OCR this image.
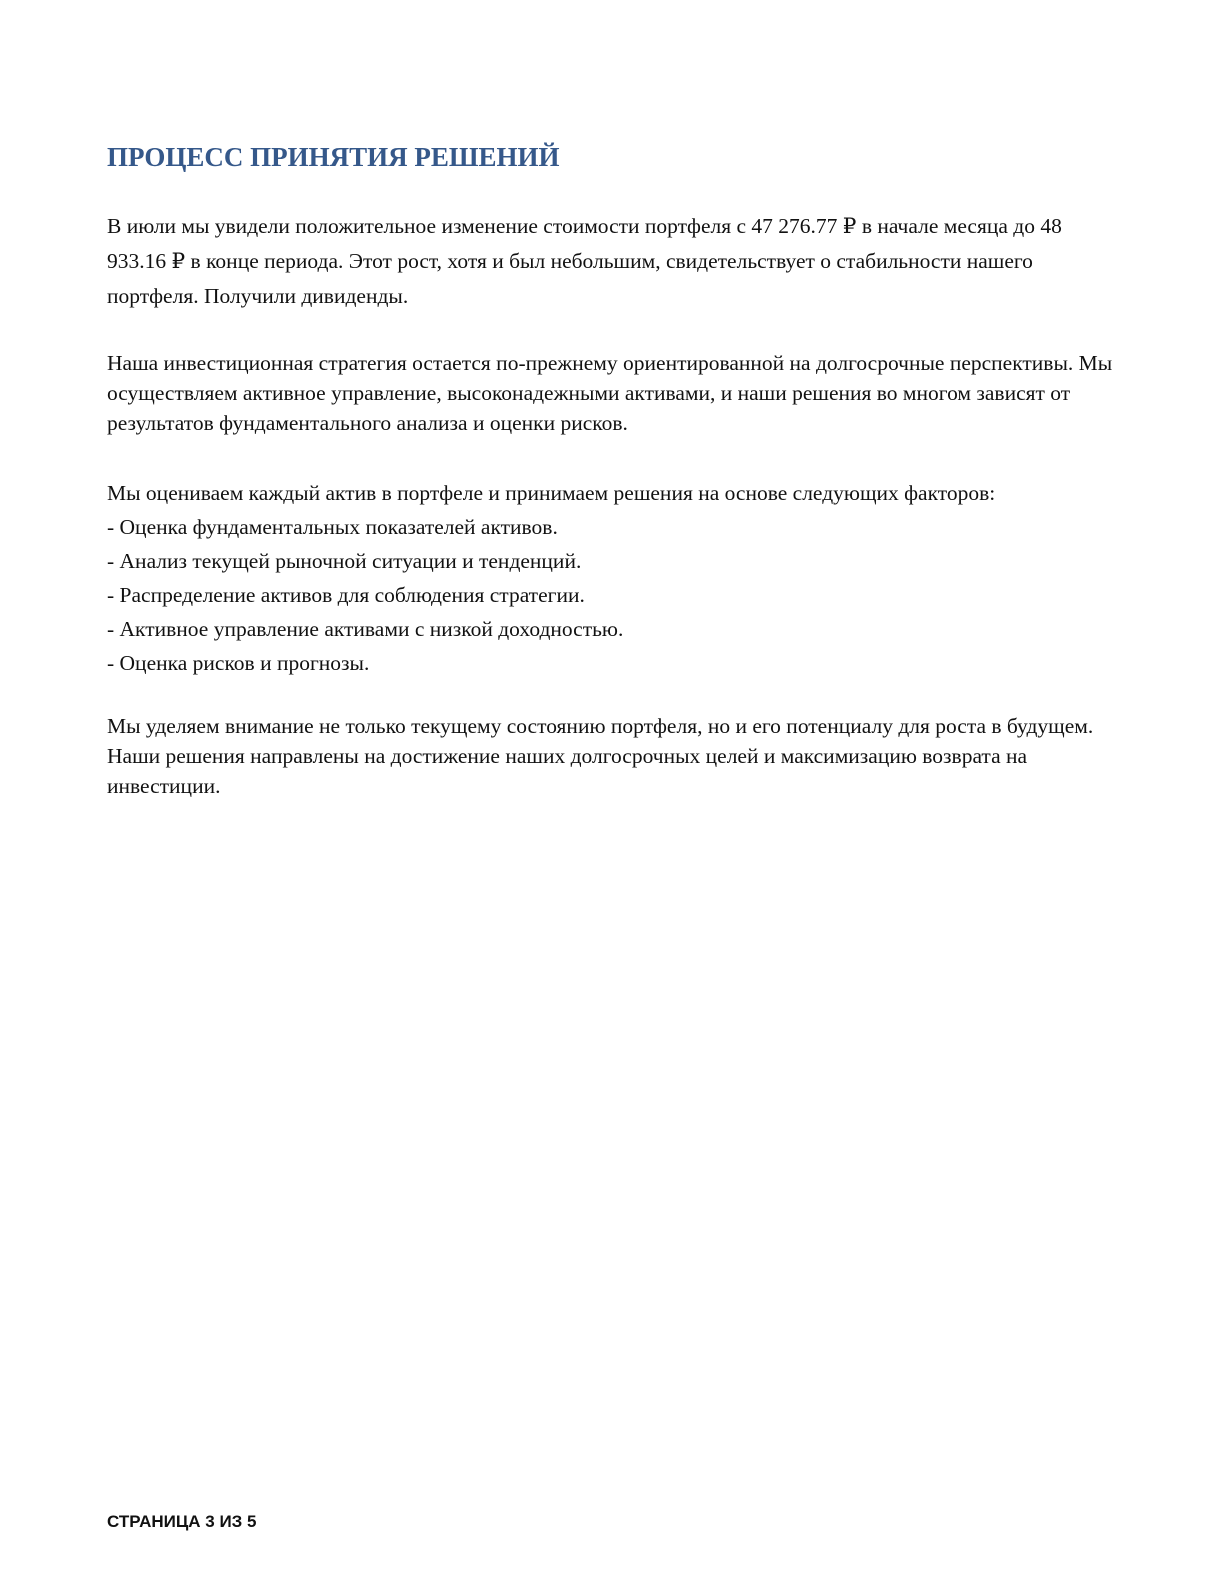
ПРОЦЕСС ПРИНЯТИЯ РЕШЕНИЙ

В июли мы увидели положительное изменение стоимости портфеля с 47 276.77 ₽ в начале месяца до 48 933.16 ₽ в конце периода. Этот рост, хотя и был небольшим, свидетельствует о стабильности нашего портфеля. Получили дивиденды.

Наша инвестиционная стратегия остается по-прежнему ориентированной на долгосрочные перспективы. Мы осуществляем активное управление, высоконадежными активами, и наши решения во многом зависят от результатов фундаментального анализа и оценки рисков.

Мы оцениваем каждый актив в портфеле и принимаем решения на основе следующих факторов:
- Оценка фундаментальных показателей активов.
- Анализ текущей рыночной ситуации и тенденций.
- Распределение активов для соблюдения стратегии.
- Активное управление активами с низкой доходностью.
- Оценка рисков и прогнозы.

Мы уделяем внимание не только текущему состоянию портфеля, но и его потенциалу для роста в будущем. Наши решения направлены на достижение наших долгосрочных целей и максимизацию возврата на инвестиции.

СТРАНИЦА 3 ИЗ 5
